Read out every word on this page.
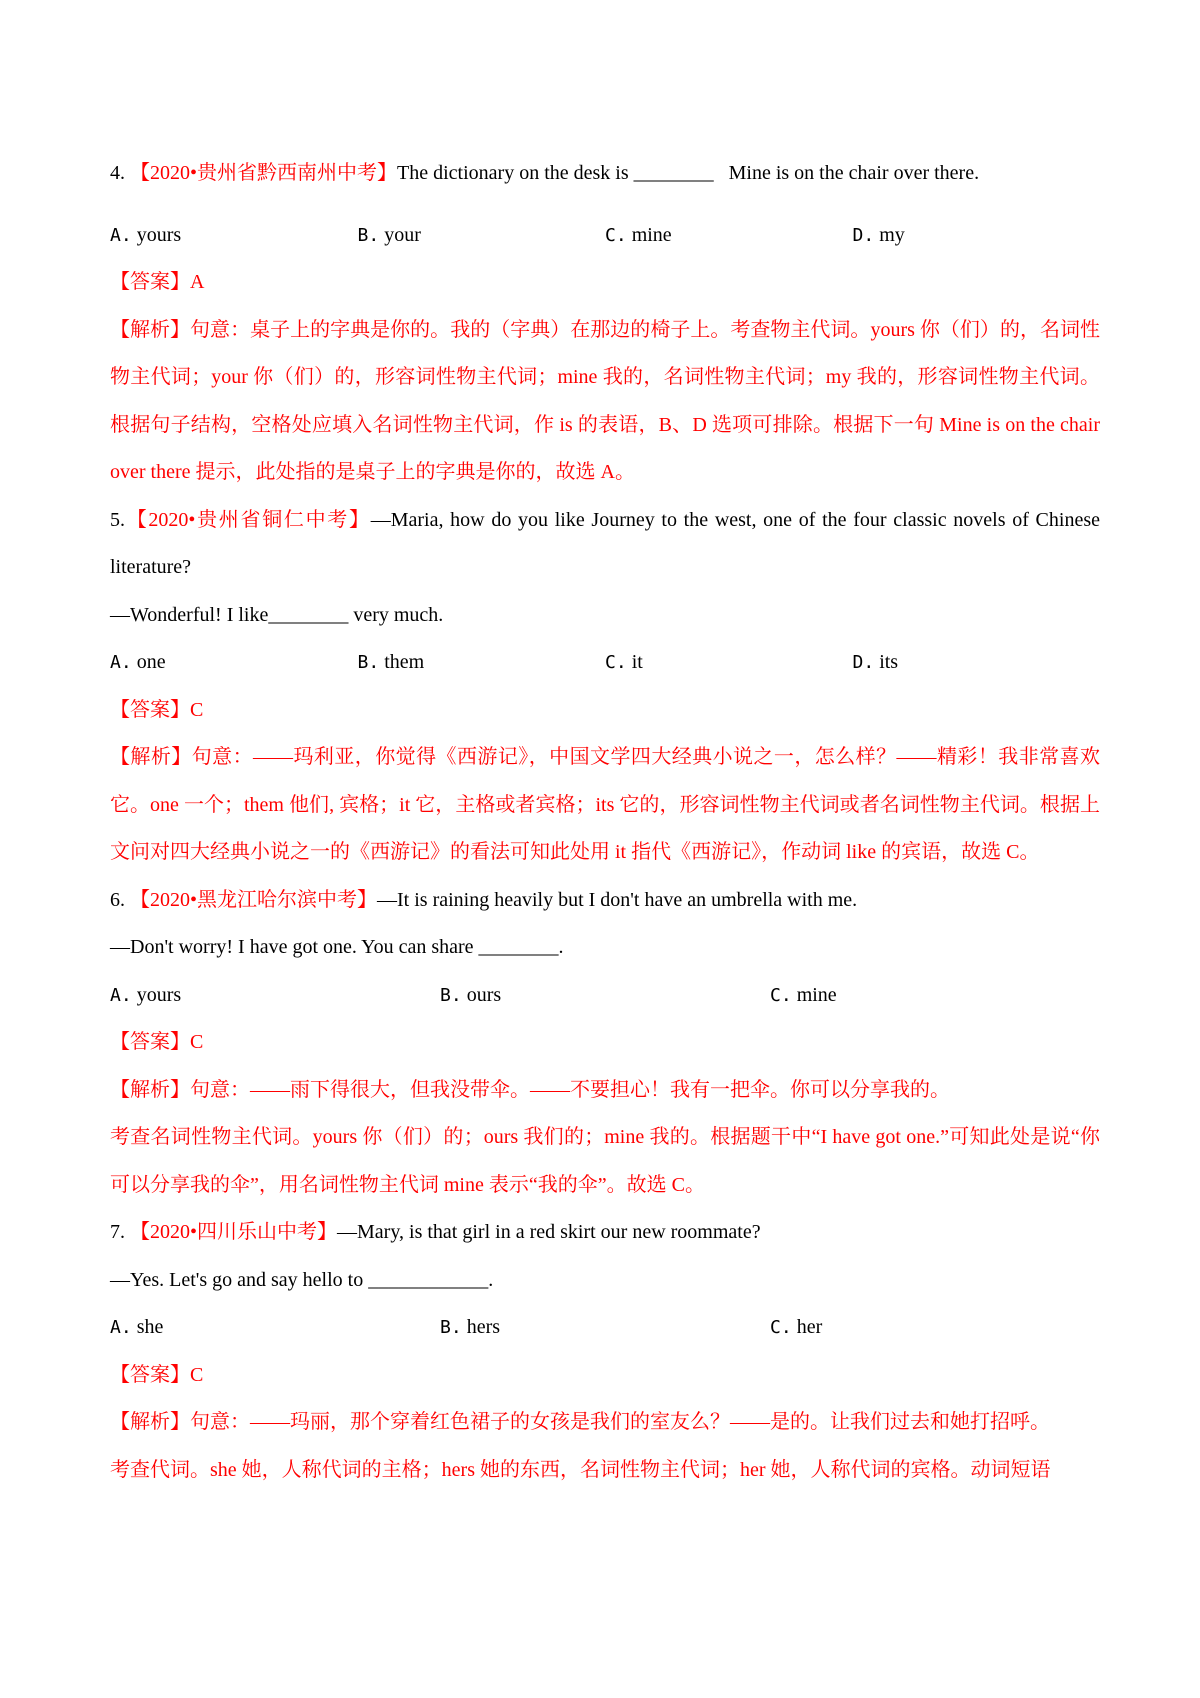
4. 【2020•贵州省黔西南州中考】The dictionary on the desk is ________   Mine is on the chair over there.
A. yours	B. your	C. mine	D. my
【答案】A
【解析】句意：桌子上的字典是你的。我的（字典）在那边的椅子上。考查物主代词。yours 你（们）的，名词性物主代词；your 你（们）的，形容词性物主代词；mine 我的，名词性物主代词；my 我的，形容词性物主代词。根据句子结构，空格处应填入名词性物主代词，作 is 的表语，B、D 选项可排除。根据下一句 Mine is on the chair over there 提示，此处指的是桌子上的字典是你的，故选 A。
5.【2020•贵州省铜仁中考】—Maria, how do you like Journey to the west, one of the four classic novels of Chinese literature?
—Wonderful! I like________ very much.
A. one	B. them	C. it	D. its
【答案】C
【解析】句意：——玛利亚，你觉得《西游记》，中国文学四大经典小说之一，怎么样？——精彩！我非常喜欢它。one 一个；them 他们, 宾格；it 它，主格或者宾格；its 它的，形容词性物主代词或者名词性物主代词。根据上文问对四大经典小说之一的《西游记》的看法可知此处用 it 指代《西游记》，作动词 like 的宾语，故选 C。
6. 【2020•黑龙江哈尔滨中考】—It is raining heavily but I don't have an umbrella with me.
—Don't worry! I have got one. You can share ________.
A. yours	B. ours	C. mine
【答案】C
【解析】句意：——雨下得很大，但我没带伞。——不要担心！我有一把伞。你可以分享我的。
考查名词性物主代词。yours 你（们）的；ours 我们的；mine 我的。根据题干中“I have got one.”可知此处是说“你可以分享我的伞”，用名词性物主代词 mine 表示“我的伞”。故选 C。
7. 【2020•四川乐山中考】—Mary, is that girl in a red skirt our new roommate?
—Yes. Let's go and say hello to ____________.
A. she	B. hers	C. her
【答案】C
【解析】句意：——玛丽，那个穿着红色裙子的女孩是我们的室友么？——是的。让我们过去和她打招呼。
考查代词。she 她，人称代词的主格；hers 她的东西，名词性物主代词；her 她，人称代词的宾格。动词短语
